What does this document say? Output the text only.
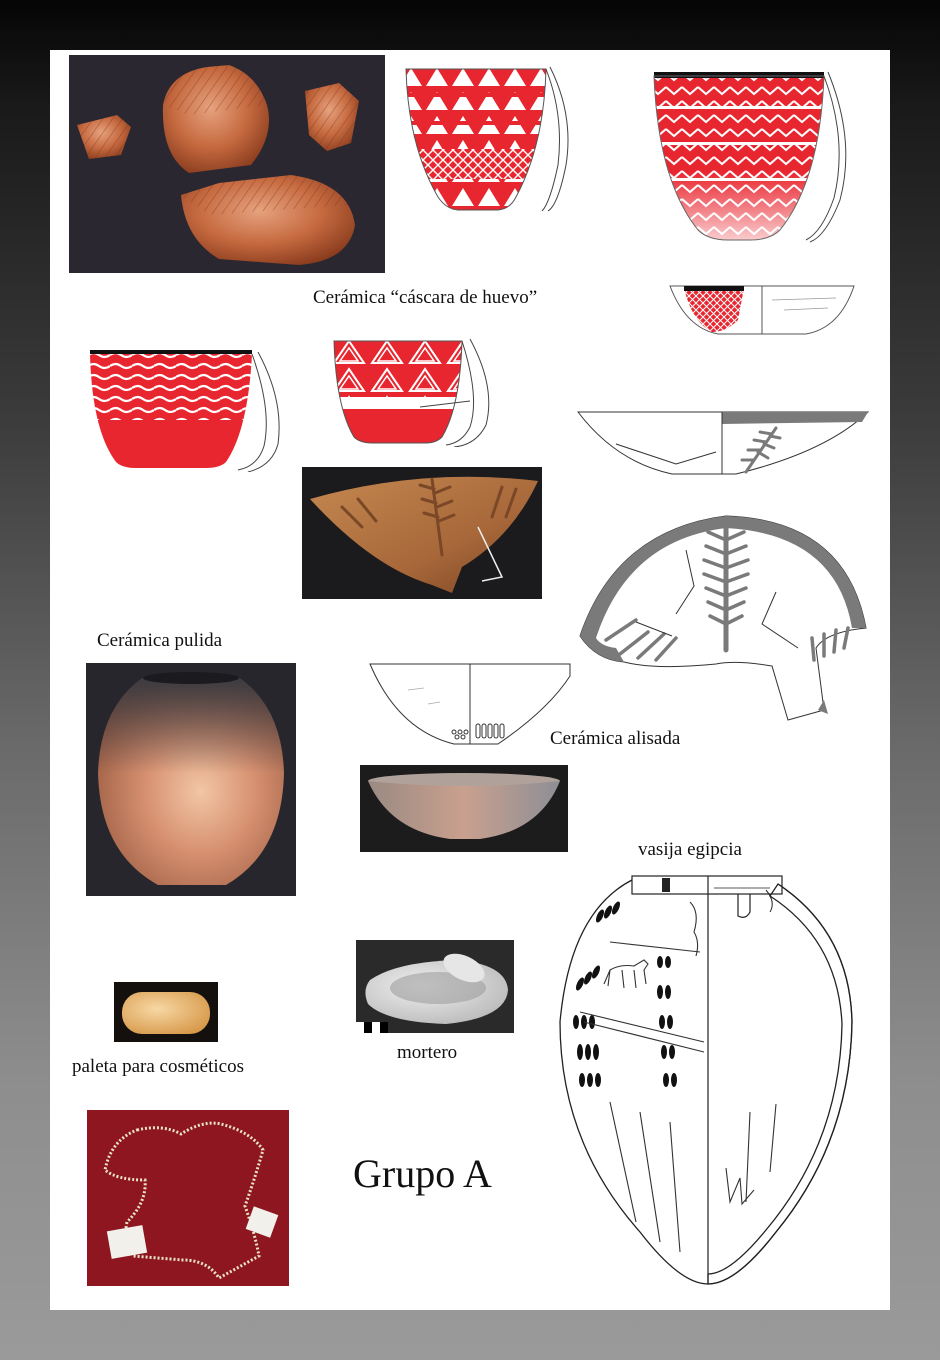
Cerámica “cáscara de huevo”
Cerámica pulida
Cerámica alisada
vasija egipcia
paleta para cosméticos
mortero
Grupo A
